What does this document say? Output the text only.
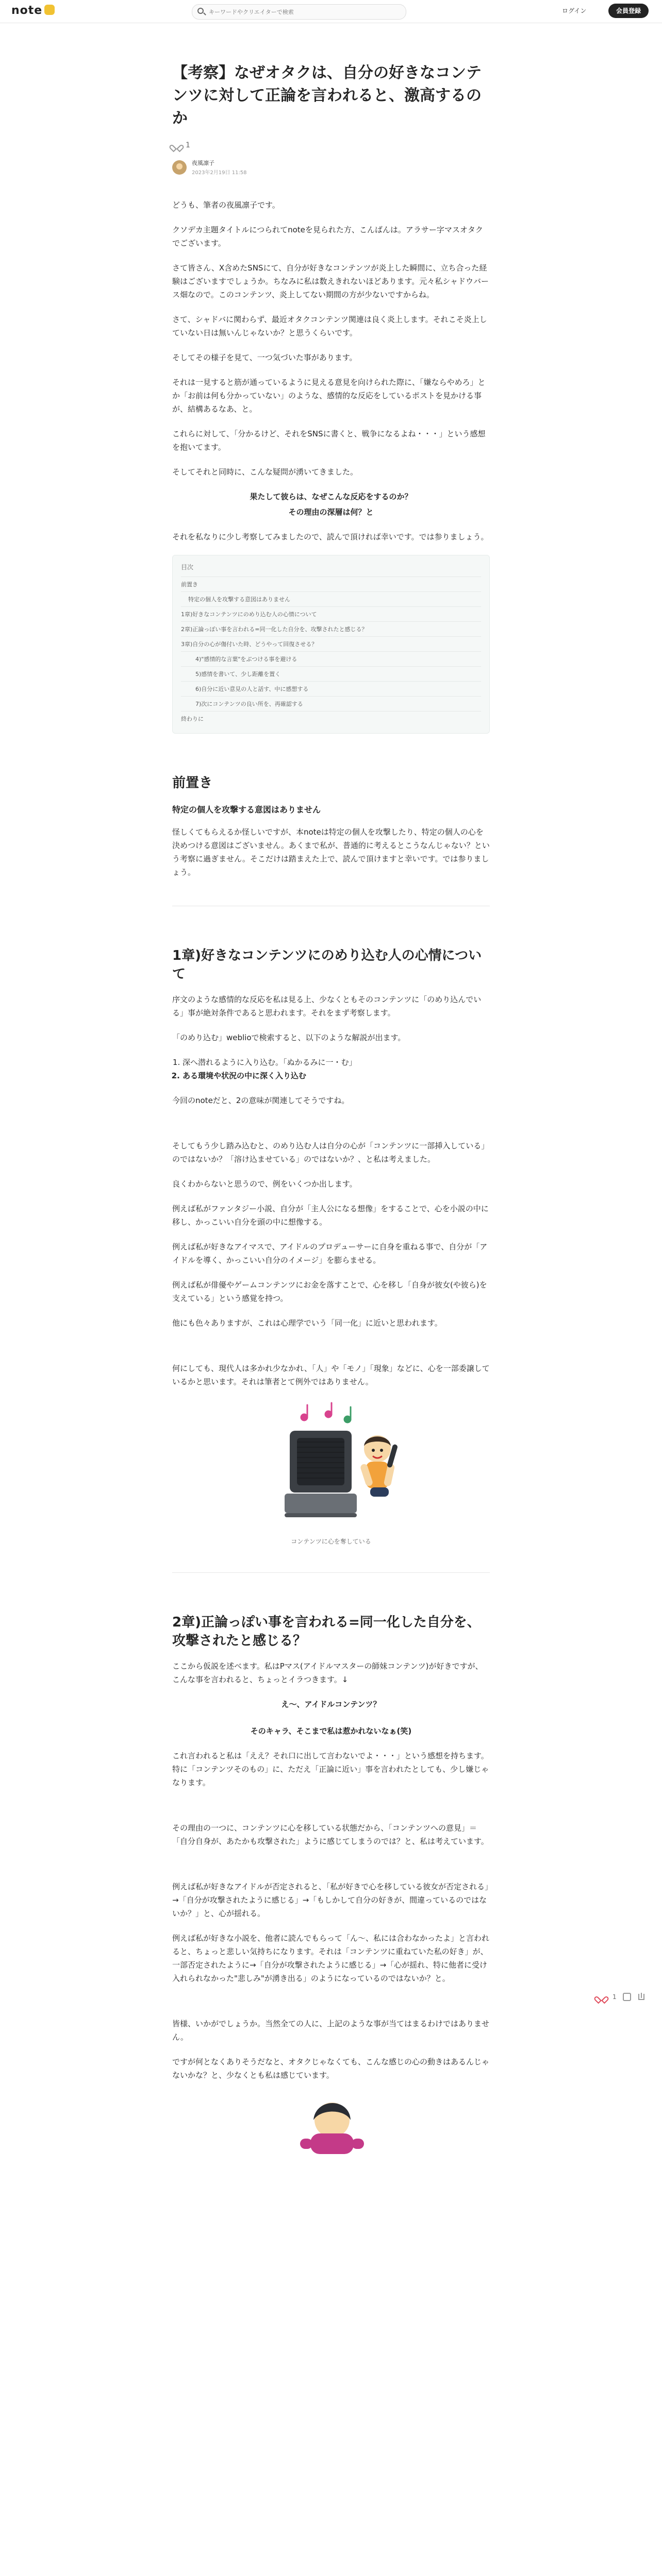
note
キーワードやクリエイターで検索	ログイン	会員登録
【考察】なぜオタクは、自分の好きなコンテンツに対して正論を言われると、激高するのか
1
夜風凛子
2023年2月19日 11:58

どうも、筆者の夜風凛子です。

クソデカ主題タイトルにつられてnoteを見られた方、こんばんは。アラサー字マスオタクでございます。

さて皆さん、X含めたSNSにて、自分が好きなコンテンツが炎上した瞬間に、立ち合った経験はございますでしょうか。ちなみに私は数えきれないほどあります。元々私シャドウバース畑なので。このコンテンツ、炎上してない期間の方が少ないですからね。

さて、シャドバに関わらず、最近オタクコンテンツ関連は良く炎上します。それこそ炎上していない日は無いんじゃないか？と思うくらいです。

そしてその様子を見て、一つ気づいた事があります。

それは一見すると筋が通っているように見える意見を向けられた際に、「嫌ならやめろ」とか「お前は何も分かっていない」のような、感情的な反応をしているポストを見かける事が、結構あるなあ、と。

これらに対して、「分かるけど、それをSNSに書くと、戦争になるよね・・・」という感想を抱いてます。

そしてそれと同時に、こんな疑問が湧いてきました。

果たして彼らは、なぜこんな反応をするのか？

その理由の深層は何？と

それを私なりに少し考察してみましたので、読んで頂ければ幸いです。では参りましょう。

目次
前置き
特定の個人を攻撃する意図はありません
1章)好きなコンテンツにのめり込む人の心情について
2章)正論っぽい事を言われる=同一化した自分を、攻撃されたと感じる？
3章)自分の心が傷付いた時、どうやって回復させる？
4)"感情的な言葉"をぶつける事を避ける
5)感情を書いて、少し距離を置く
6)自分に近い意見の人と話す、中に感想する
7)次にコンテンツの良い所を、再確認する
終わりに
前置き
特定の個人を攻撃する意図はありません

怪しくてもらえるか怪しいですが、本noteは特定の個人を攻撃したり、特定の個人の心を決めつける意図はございません。あくまで私が、普通的に考えるとこうなんじゃない？という考察に過ぎません。そこだけは踏まえた上で、読んで頂けますと幸いです。では参りましょう。

1章)好きなコンテンツにのめり込む人の心情について

序文のような感情的な反応を私は見る上、少なくともそのコンテンツに「のめり込んでいる」事が絶対条件であると思われます。それをまず考察します。

「のめり込む」weblioで検索すると、以下のような解説が出ます。

1. 深へ潜れるように入り込む。「ぬかるみに一・む」
2. ある環境や状況の中に深く入り込む

今回のnoteだと、2の意味が関連してそうですね。

そしてもう少し踏み込むと、のめり込む人は自分の心が「コンテンツに一部挿入している」のではないか？「溶け込ませている」のではないか？、と私は考えました。

良くわからないと思うので、例をいくつか出します。

例えば私がファンタジー小説、自分が「主人公になる想像」をすることで、心を小説の中に移し、かっこいい自分を頭の中に想像する。

例えば私が好きなアイマスで、アイドルのプロデューサーに自身を重ねる事で、自分が「アイドルを導く、かっこいい自分のイメージ」を膨らませる。

例えば私が俳優やゲームコンテンツにお金を落すことで、心を移し「自身が彼女(や彼ら)を支えている」という感覚を持つ。

他にも色々ありますが、これは心理学でいう「同一化」に近いと思われます。

何にしても、現代人は多かれ少なかれ、「人」や「モノ」「現象」などに、心を一部委譲しているかと思います。それは筆者とて例外ではありません。

コンテンツに心を奪している
2章)正論っぽい事を言われる=同一化した自分を、攻撃されたと感じる？

ここから仮説を述べます。私はPマス(アイドルマスターの師妹コンテンツ)が好きですが、こんな事を言われると、ちょっとイラつきます。↓

え～、アイドルコンテンツ？

そのキャラ、そこまで私は惹かれないなぁ(笑)

これ言われると私は「ええ？それ口に出して言わないでよ・・・」という感想を持ちます。特に「コンテンツそのもの」に、ただえ「正論に近い」事を言われたとしても、少し嫌じゃなります。

その理由の一つに、コンテンツに心を移している状態だから、「コンテンツへの意見」＝「自分自身が、あたかも攻撃された」ように感じてしまうのでは？と、私は考えています。

例えば私が好きなアイドルが否定されると、「私が好きで心を移している彼女が否定される」→「自分が攻撃されたように感じる」→「もしかして自分の好きが、間違っているのではないか？」と、心が揺れる。

例えば私が好きな小説を、他者に読んでもらって「ん～、私には合わなかったよ」と言われると、ちょっと悲しい気持ちになります。それは「コンテンツに重ねていた私の好き」が、一部否定されたように→「自分が攻撃されたように感じる」→「心が揺れ、特に他者に受け入れられなかった"悲しみ"が湧き出る」のようになっているのではないか？と。

皆様、いかがでしょうか。当然全ての人に、上記のような事が当てはまるわけではありません。

ですが何となくありそうだなと、オタクじゃなくても、こんな感じの心の動きはあるんじゃないかな？と、少なくとも私は感じています。

1
